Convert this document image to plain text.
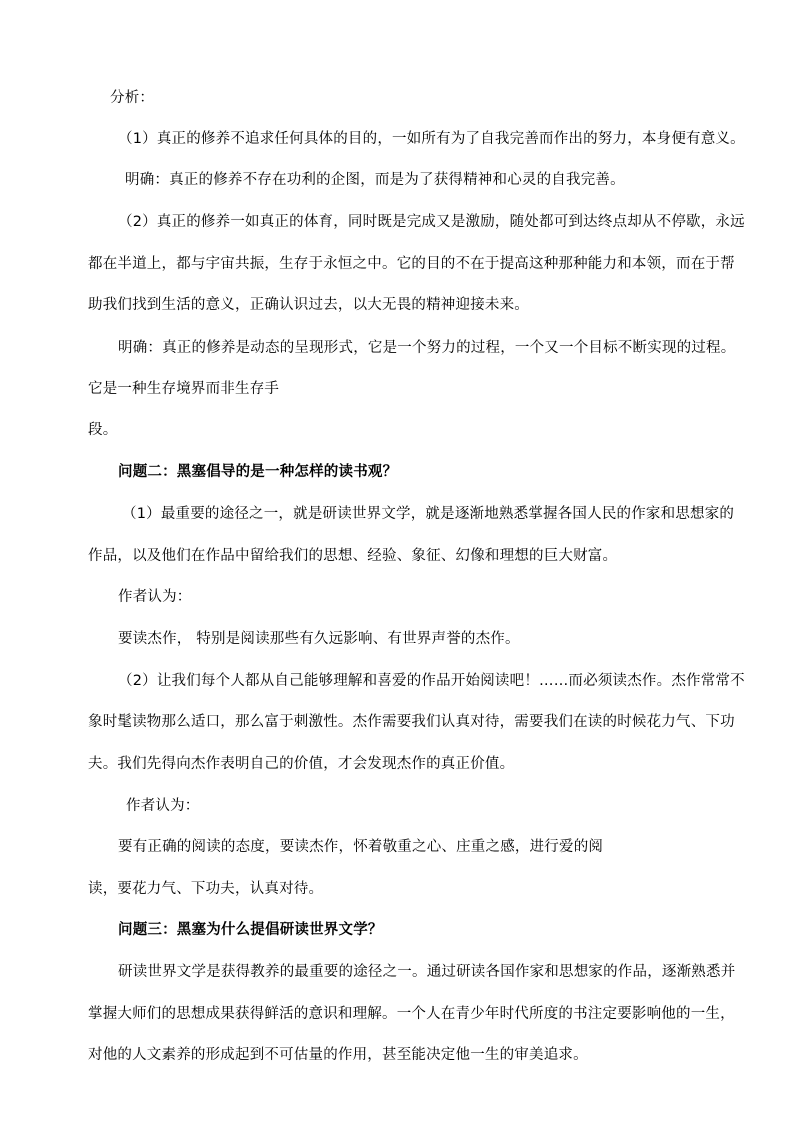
分析：
（1）真正的修养不追求任何具体的目的，一如所有为了自我完善而作出的努力，本身便有意义。
明确：真正的修养不存在功利的企图，而是为了获得精神和心灵的自我完善。
（2）真正的修养一如真正的体育，同时既是完成又是激励，随处都可到达终点却从不停歇，永远
都在半道上，都与宇宙共振，生存于永恒之中。它的目的不在于提高这种那种能力和本领，而在于帮
助我们找到生活的意义，正确认识过去，以大无畏的精神迎接未来。
明确：真正的修养是动态的呈现形式，它是一个努力的过程，一个又一个目标不断实现的过程。
它是一种生存境界而非生存手
段。
问题二：黑塞倡导的是一种怎样的读书观？
（1）最重要的途径之一，就是研读世界文学，就是逐渐地熟悉掌握各国人民的作家和思想家的
作品，以及他们在作品中留给我们的思想、经验、象征、幻像和理想的巨大财富。
作者认为：
要读杰作， 特别是阅读那些有久远影响、有世界声誉的杰作。
（2）让我们每个人都从自己能够理解和喜爱的作品开始阅读吧！……而必须读杰作。杰作常常不
象时髦读物那么适口，那么富于刺激性。杰作需要我们认真对待，需要我们在读的时候花力气、下功
夫。我们先得向杰作表明自己的价值，才会发现杰作的真正价值。
作者认为：
要有正确的阅读的态度，要读杰作，怀着敬重之心、庄重之感，进行爱的阅
读，要花力气、下功夫，认真对待。
问题三：黑塞为什么提倡研读世界文学？
研读世界文学是获得教养的最重要的途径之一。通过研读各国作家和思想家的作品，逐渐熟悉并
掌握大师们的思想成果获得鲜活的意识和理解。一个人在青少年时代所度的书注定要影响他的一生，
对他的人文素养的形成起到不可估量的作用，甚至能决定他一生的审美追求。
